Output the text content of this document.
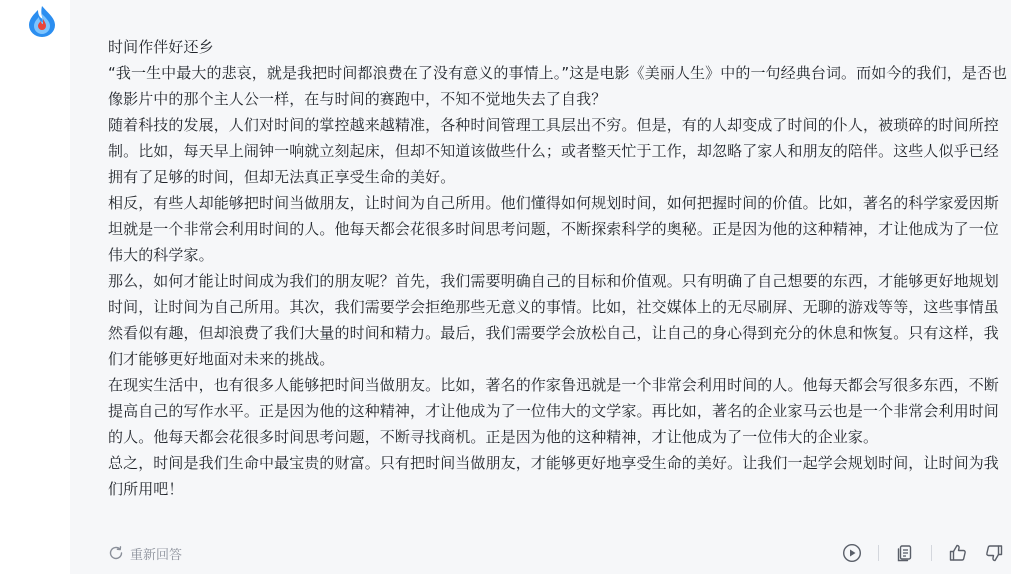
时间作伴好还乡

“我一生中最大的悲哀，就是我把时间都浪费在了没有意义的事情上。”这是电影《美丽人生》中的一句经典台词。而如今的我们，是否也像影片中的那个主人公一样，在与时间的赛跑中，不知不觉地失去了自我？

随着科技的发展，人们对时间的掌控越来越精准，各种时间管理工具层出不穷。但是，有的人却变成了时间的仆人，被琐碎的时间所控制。比如，每天早上闹钟一响就立刻起床，但却不知道该做些什么；或者整天忙于工作，却忽略了家人和朋友的陪伴。这些人似乎已经拥有了足够的时间，但却无法真正享受生命的美好。

相反，有些人却能够把时间当做朋友，让时间为自己所用。他们懂得如何规划时间，如何把握时间的价值。比如，著名的科学家爱因斯坦就是一个非常会利用时间的人。他每天都会花很多时间思考问题，不断探索科学的奥秘。正是因为他的这种精神，才让他成为了一位伟大的科学家。

那么，如何才能让时间成为我们的朋友呢？首先，我们需要明确自己的目标和价值观。只有明确了自己想要的东西，才能够更好地规划时间，让时间为自己所用。其次，我们需要学会拒绝那些无意义的事情。比如，社交媒体上的无尽刷屏、无聊的游戏等等，这些事情虽然看似有趣，但却浪费了我们大量的时间和精力。最后，我们需要学会放松自己，让自己的身心得到充分的休息和恢复。只有这样，我们才能够更好地面对未来的挑战。

在现实生活中，也有很多人能够把时间当做朋友。比如，著名的作家鲁迅就是一个非常会利用时间的人。他每天都会写很多东西，不断提高自己的写作水平。正是因为他的这种精神，才让他成为了一位伟大的文学家。再比如，著名的企业家马云也是一个非常会利用时间的人。他每天都会花很多时间思考问题，不断寻找商机。正是因为他的这种精神，才让他成为了一位伟大的企业家。

总之，时间是我们生命中最宝贵的财富。只有把时间当做朋友，才能够更好地享受生命的美好。让我们一起学会规划时间，让时间为我们所用吧！

重新回答
